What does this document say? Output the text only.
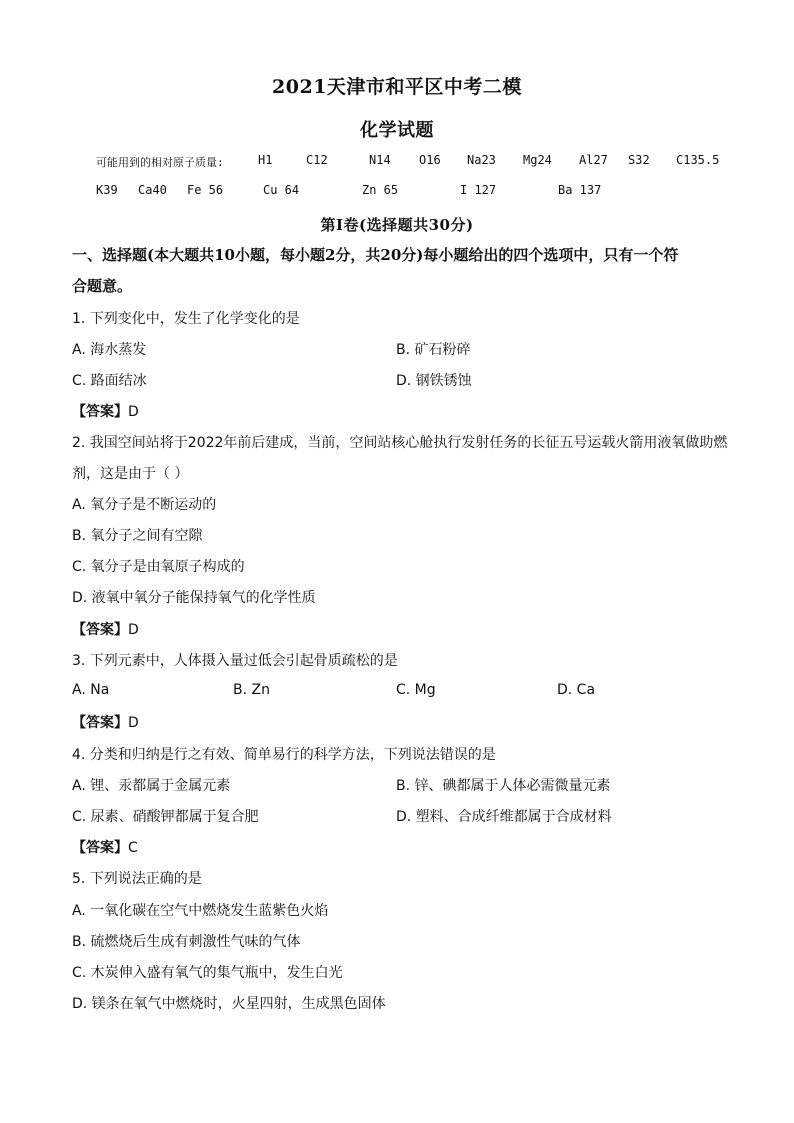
2021天津市和平区中考二模
化学试题
可能用到的相对原子质量:	H1	C12	N14 O16 Na23 Mg24 Al27 S32 C135.5
K39 Ca40 Fe 56	Cu 64	Zn 65	I 127	Ba 137
第Ⅰ卷(选择题共30分)
一、选择题(本大题共10小题，每小题2分，共20分)每小题给出的四个选项中，只有一个符
合题意。
1. 下列变化中，发生了化学变化的是
A. 海水蒸发	B. 矿石粉碎
C. 路面结冰	D. 钢铁锈蚀
【答案】D
2. 我国空间站将于2022年前后建成，当前，空间站核心舱执行发射任务的长征五号运载火箭用液氧做助燃
剂，这是由于（ ）
A. 氧分子是不断运动的
B. 氧分子之间有空隙
C. 氧分子是由氧原子构成的
D. 液氧中氧分子能保持氧气的化学性质
【答案】D
3. 下列元素中，人体摄入量过低会引起骨质疏松的是
A. Na	B. Zn	C. Mg	D. Ca
【答案】D
4. 分类和归纳是行之有效、简单易行的科学方法，下列说法错误的是
A. 锂、汞都属于金属元素	B. 锌、碘都属于人体必需微量元素
C. 尿素、硝酸钾都属于复合肥	D. 塑料、合成纤维都属于合成材料
【答案】C
5. 下列说法正确的是
A. 一氧化碳在空气中燃烧发生蓝紫色火焰
B. 硫燃烧后生成有刺激性气味的气体
C. 木炭伸入盛有氧气的集气瓶中，发生白光
D. 镁条在氧气中燃烧时，火星四射，生成黑色固体
